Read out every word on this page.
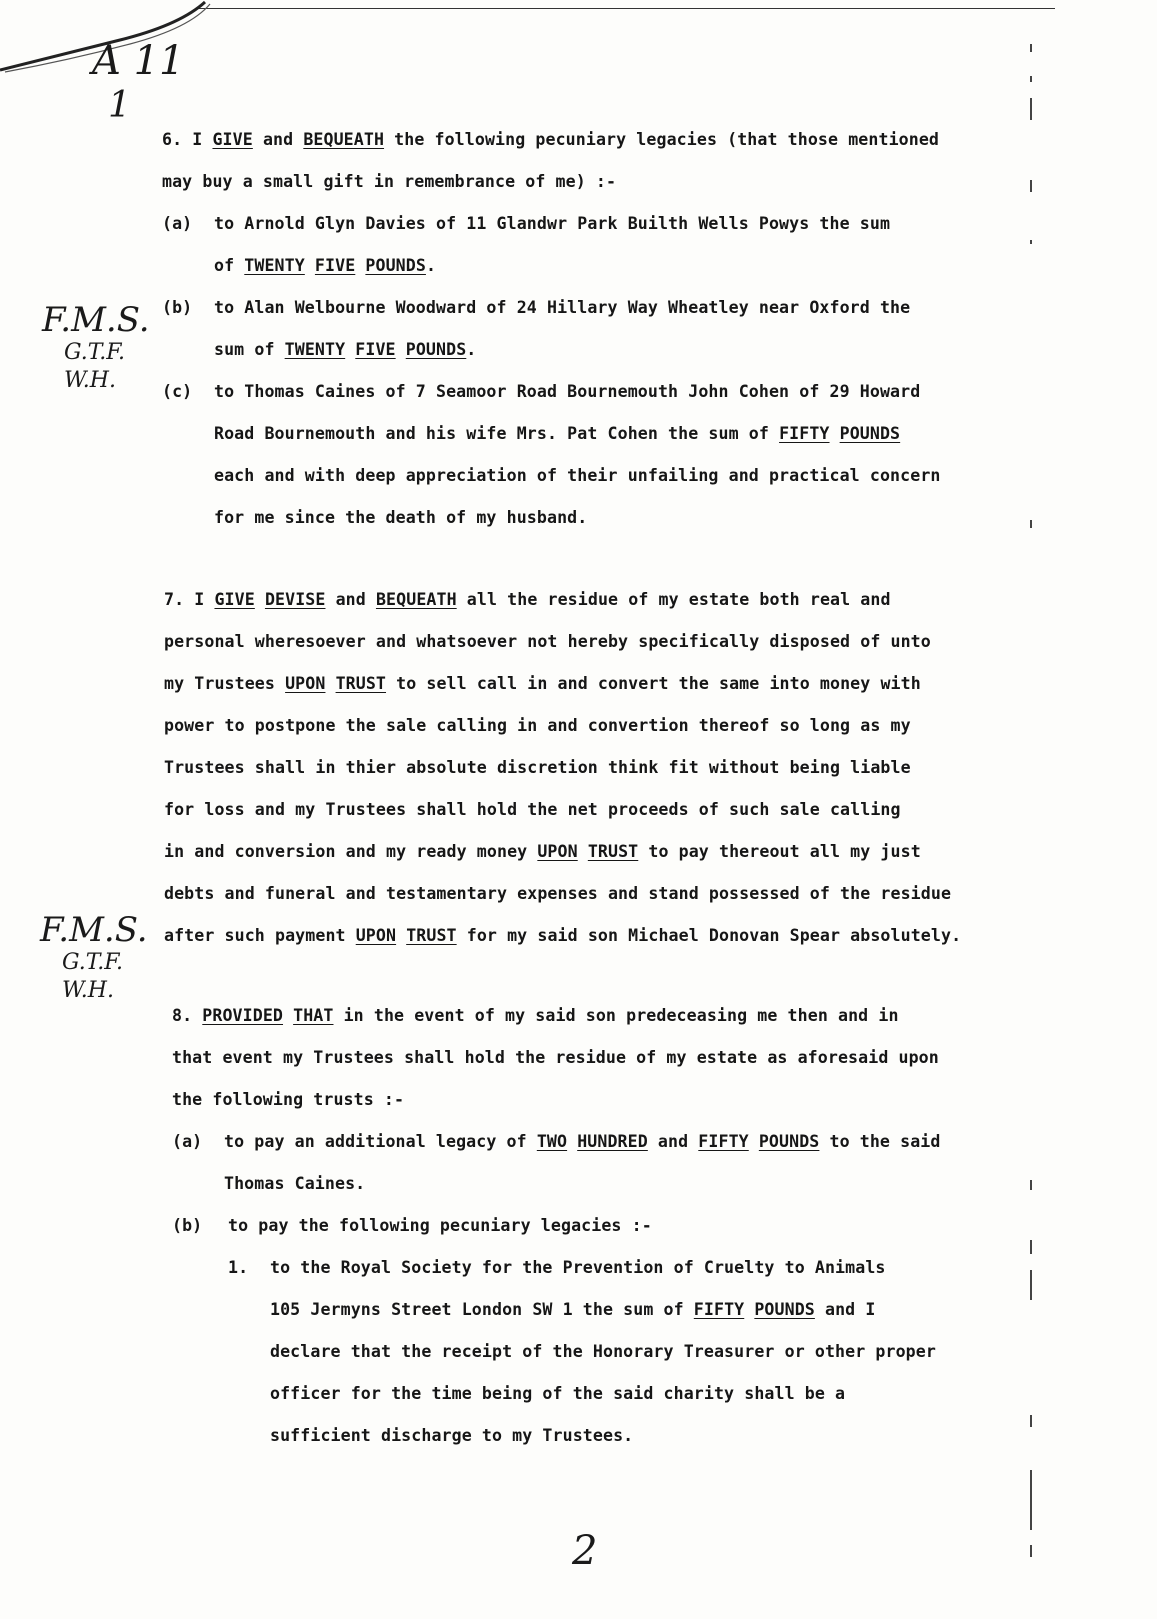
A 11
1
F.M.S.
G.T.F.
W.H.
F.M.S.
G.T.F.
W.H.
2
6. I GIVE and BEQUEATH the following pecuniary legacies (that those mentioned
may buy a small gift in remembrance of me) :-
(a) to Arnold Glyn Davies of 11 Glandwr Park Builth Wells Powys the sum
of TWENTY FIVE POUNDS.
(b) to Alan Welbourne Woodward of 24 Hillary Way Wheatley near Oxford the
sum of TWENTY FIVE POUNDS.
(c) to Thomas Caines of 7 Seamoor Road Bournemouth John Cohen of 29 Howard
Road Bournemouth and his wife Mrs. Pat Cohen the sum of FIFTY POUNDS
each and with deep appreciation of their unfailing and practical concern
for me since the death of my husband.
7. I GIVE DEVISE and BEQUEATH all the residue of my estate both real and
personal wheresoever and whatsoever not hereby specifically disposed of unto
my Trustees UPON TRUST to sell call in and convert the same into money with
power to postpone the sale calling in and convertion thereof so long as my
Trustees shall in thier absolute discretion think fit without being liable
for loss and my Trustees shall hold the net proceeds of such sale calling
in and conversion and my ready money UPON TRUST to pay thereout all my just
debts and funeral and testamentary expenses and stand possessed of the residue
after such payment UPON TRUST for my said son Michael Donovan Spear absolutely.
8. PROVIDED THAT in the event of my said son predeceasing me then and in
that event my Trustees shall hold the residue of my estate as aforesaid upon
the following trusts :-
(a) to pay an additional legacy of TWO HUNDRED and FIFTY POUNDS to the said
Thomas Caines.
(b) to pay the following pecuniary legacies :-
1. to the Royal Society for the Prevention of Cruelty to Animals
105 Jermyns Street London SW 1 the sum of FIFTY POUNDS and I
declare that the receipt of the Honorary Treasurer or other proper
officer for the time being of the said charity shall be a
sufficient discharge to my Trustees.
